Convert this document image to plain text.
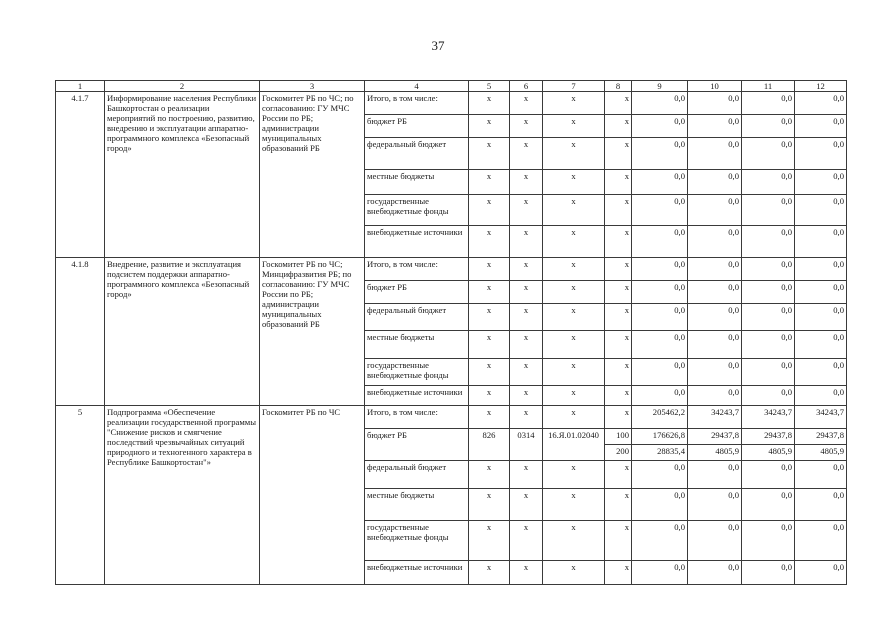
37
1	2	3	4	5	6	7	8	9	10	11	12
4.1.7	Информирование населения Республики Башкортостан о реализации мероприятий по построению, развитию, внедрению и эксплуатации аппаратно-программного комплекса «Безопасный город»	Госкомитет РБ по ЧС; по согласованию: ГУ МЧС России по РБ; администрации муниципальных образований РБ	Итого, в том числе:	x	x	x	x	0,0	0,0	0,0	0,0
			бюджет РБ	x	x	x	x	0,0	0,0	0,0	0,0
			федеральный бюджет	x	x	x	x	0,0	0,0	0,0	0,0
			местные бюджеты	x	x	x	x	0,0	0,0	0,0	0,0
			государственные внебюджетные фонды	x	x	x	x	0,0	0,0	0,0	0,0
			внебюджетные источники	x	x	x	x	0,0	0,0	0,0	0,0
4.1.8	Внедрение, развитие и эксплуатация подсистем поддержки аппаратно-программного комплекса «Безопасный город»	Госкомитет РБ по ЧС; Минцифразвития РБ; по согласованию: ГУ МЧС России по РБ; администрации муниципальных образований РБ	Итого, в том числе:	x	x	x	x	0,0	0,0	0,0	0,0
			бюджет РБ	x	x	x	x	0,0	0,0	0,0	0,0
			федеральный бюджет	x	x	x	x	0,0	0,0	0,0	0,0
			местные бюджеты	x	x	x	x	0,0	0,0	0,0	0,0
			государственные внебюджетные фонды	x	x	x	x	0,0	0,0	0,0	0,0
			внебюджетные источники	x	x	x	x	0,0	0,0	0,0	0,0
5	Подпрограмма «Обеспечение реализации государственной программы "Снижение рисков и смягчение последствий чрезвычайных ситуаций природного и техногенного характера в Республике Башкортостан"»	Госкомитет РБ по ЧС	Итого, в том числе:	x	x	x	x	205462,2	34243,7	34243,7	34243,7
			бюджет РБ	826	0314	16.Я.01.02040	100	176626,8	29437,8	29437,8	29437,8
							200	28835,4	4805,9	4805,9	4805,9
			федеральный бюджет	x	x	x	x	0,0	0,0	0,0	0,0
			местные бюджеты	x	x	x	x	0,0	0,0	0,0	0,0
			государственные внебюджетные фонды	x	x	x	x	0,0	0,0	0,0	0,0
			внебюджетные источники	x	x	x	x	0,0	0,0	0,0	0,0
